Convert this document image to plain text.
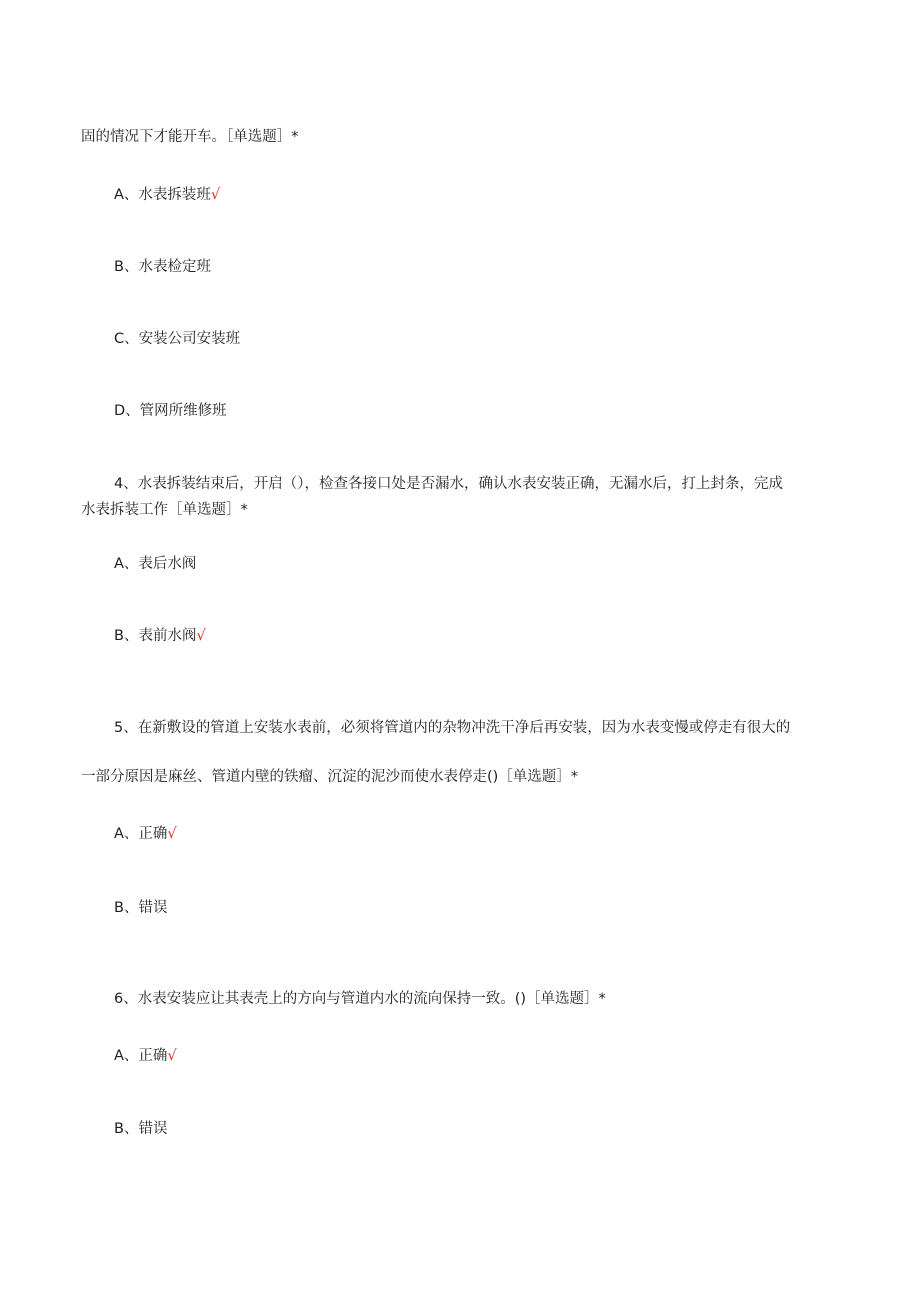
固的情况下才能开车。［单选题］*
A、水表拆装班√
B、水表检定班
C、安装公司安装班
D、管网所维修班
4、水表拆装结束后，开启（），检查各接口处是否漏水，确认水表安装正确，无漏水后，打上封条，完成
水表拆装工作［单选题］*
A、表后水阀
B、表前水阀√
5、在新敷设的管道上安装水表前，必须将管道内的杂物冲洗干净后再安装，因为水表变慢或停走有很大的
一部分原因是麻丝、管道内壁的铁瘤、沉淀的泥沙而使水表停走()［单选题］*
A、正确√
B、错误
6、水表安装应让其表壳上的方向与管道内水的流向保持一致。()［单选题］*
A、正确√
B、错误
